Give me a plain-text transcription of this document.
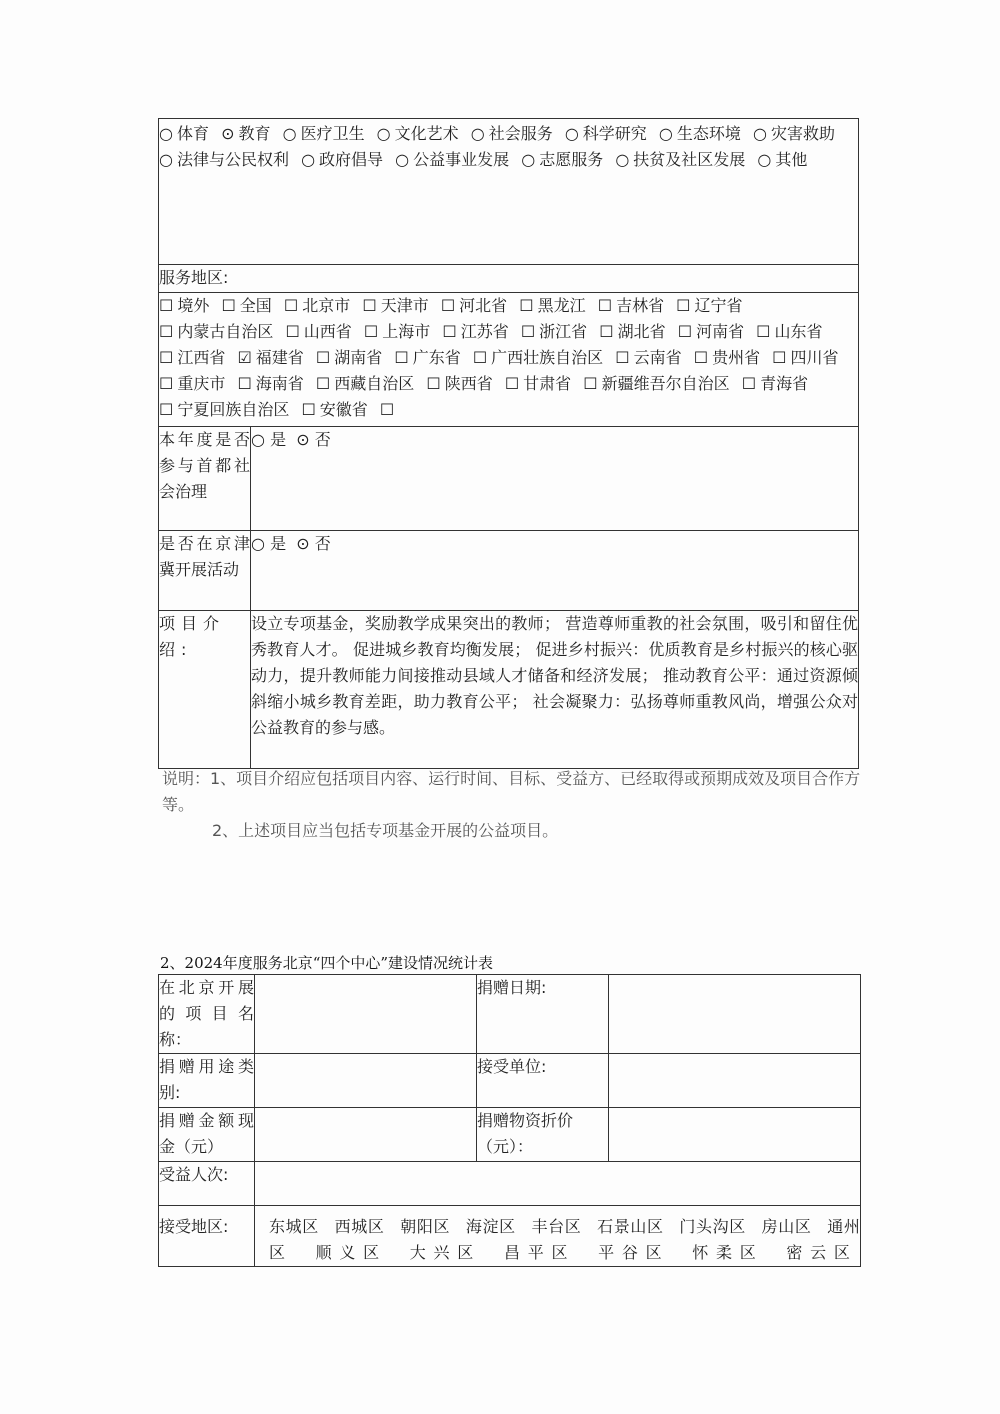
○ 体育 ⊙ 教育 ○ 医疗卫生 ○ 文化艺术 ○ 社会服务 ○ 科学研究 ○ 生态环境 ○ 灾害救助 ○ 法律与公民权利 ○ 政府倡导 ○ 公益事业发展 ○ 志愿服务 ○ 扶贫及社区发展 ○ 其他	

服务地区:	

☐ 境外 ☐ 全国 ☐ 北京市 ☐ 天津市 ☐ 河北省 ☐ 黑龙江 ☐ 吉林省 ☐ 辽宁省 ☐ 内蒙古自治区 ☐ 山西省 ☐ 上海市 ☐ 江苏省 ☐ 浙江省 ☐ 湖北省 ☐ 河南省 ☐ 山东省 ☐ 江西省 ☑ 福建省 ☐ 湖南省 ☐ 广东省 ☐ 广西壮族自治区 ☐ 云南省 ☐ 贵州省 ☐ 四川省 ☐ 重庆市 ☐ 海南省 ☐ 西藏自治区 ☐ 陕西省 ☐ 甘肃省 ☐ 新疆维吾尔自治区 ☐ 青海省 ☐ 宁夏回族自治区 ☐ 安徽省 ☐	

本年度是否参与首都社会治理	○ 是 ⊙ 否
是否在京津冀开展活动	○ 是 ⊙ 否
项目介绍:	设立专项基金，奖励教学成果突出的教师； 营造尊师重教的社会氛围，吸引和留住优秀教育人才。 促进城乡教育均衡发展； 促进乡村振兴：优质教育是乡村振兴的核心驱动力，提升教师能力间接推动县域人才储备和经济发展； 推动教育公平：通过资源倾斜缩小城乡教育差距，助力教育公平； 社会凝聚力：弘扬尊师重教风尚，增强公众对公益教育的参与感。
说明：1、项目介绍应包括项目内容、运行时间、目标、受益方、已经取得或预期成效及项目合作方等。
2、上述项目应当包括专项基金开展的公益项目。
2、2024年度服务北京“四个中心”建设情况统计表
在北京开展的项目名称：		捐赠日期:	
捐赠用途类别:		接受单位:	
捐赠金额现金（元）		捐赠物资折价（元）：	
受益人次:			
接受地区:	东城区 西城区 朝阳区 海淀区 丰台区 石景山区 门头沟区 房山区 通州区 顺义区 大兴区 昌平区 平谷区 怀柔区 密云区		
